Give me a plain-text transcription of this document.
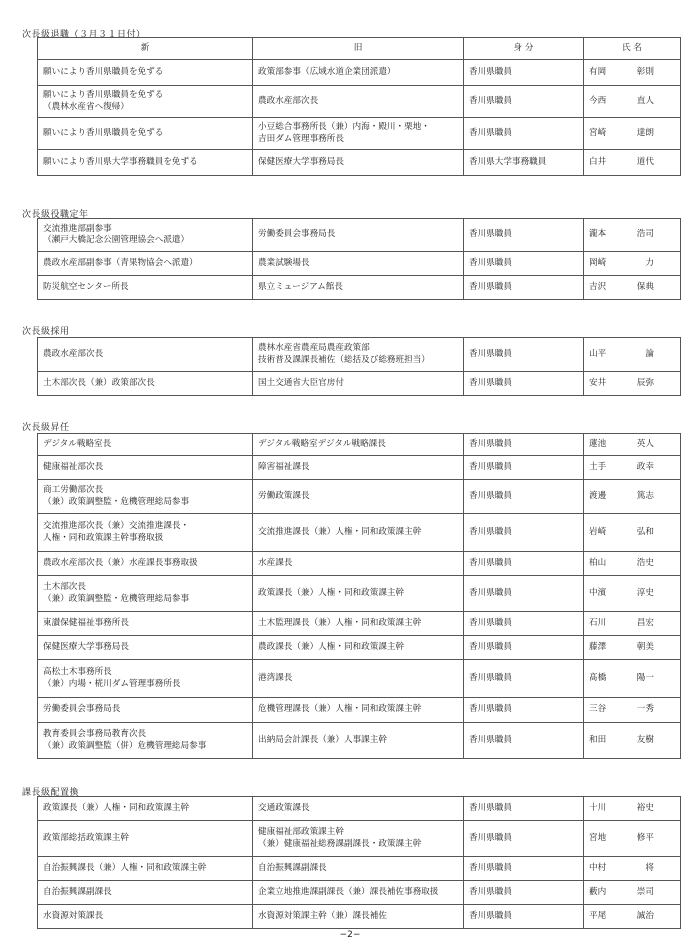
次長級退職（３月３１日付）
新	旧	身 分	氏 名
願いにより香川県職員を免ずる	政策部参事（広域水道企業団派遣）	香川県職員	有岡 彰則

願いにより香川県職員を免ずる
（農林水産省へ復帰）	農政水産部次長	香川県職員	今西 直人

願いにより香川県職員を免ずる	小豆総合事務所長（兼）内海・殿川・栗地・
吉田ダム管理事務所長	香川県職員	宮崎 達朗

願いにより香川県大学事務職員を免ずる	保健医療大学事務局長	香川県大学事務職員	白井 道代
次長級役職定年
交流推進部副参事
（瀬戸大橋記念公園管理協会へ派遣）	労働委員会事務局長	香川県職員	瀧本 浩司

農政水産部副参事（青果物協会へ派遣）	農業試験場長	香川県職員	岡崎 力

防災航空センター所長	県立ミュージアム館長	香川県職員	吉沢 保典
次長級採用
農政水産部次長	農林水産省農産局農産政策部
技術普及課課長補佐（総括及び総務班担当）	香川県職員	山平 論

土木部次長（兼）政策部次長	国土交通省大臣官房付	香川県職員	安井 辰弥
次長級昇任
デジタル戦略室長	デジタル戦略室デジタル戦略課長	香川県職員	蓮池 英人

健康福祉部次長	障害福祉課長	香川県職員	土手 政幸

商工労働部次長
（兼）政策調整監・危機管理総局参事	労働政策課長	香川県職員	渡邊 篤志

交流推進部次長（兼）交流推進課長・
人権・同和政策課主幹事務取扱	交流推進課長（兼）人権・同和政策課主幹	香川県職員	岩崎 弘和

農政水産部次長（兼）水産課長事務取扱	水産課長	香川県職員	柏山 浩史

土木部次長
（兼）政策調整監・危機管理総局参事	政策課長（兼）人権・同和政策課主幹	香川県職員	中濱 淳史

東讃保健福祉事務所長	土木監理課長（兼）人権・同和政策課主幹	香川県職員	石川 昌宏

保健医療大学事務局長	農政課長（兼）人権・同和政策課主幹	香川県職員	藤澤 朝美

高松土木事務所長
（兼）内場・椛川ダム管理事務所長	港湾課長	香川県職員	髙橋 陽一

労働委員会事務局長	危機管理課長（兼）人権・同和政策課主幹	香川県職員	三谷 一秀

教育委員会事務局教育次長
（兼）政策調整監（併）危機管理総局参事	出納局会計課長（兼）人事課主幹	香川県職員	和田 友樹
課長級配置換
政策課長（兼）人権・同和政策課主幹	交通政策課長	香川県職員	十川 裕史

政策部総括政策課主幹	健康福祉部政策課主幹
（兼）健康福祉総務課副課長・政策課主幹	香川県職員	宮地 修平

自治振興課長（兼）人権・同和政策課主幹	自治振興課副課長	香川県職員	中村 将

自治振興課副課長	企業立地推進課副課長（兼）課長補佐事務取扱	香川県職員	藪内 崇司

水資源対策課長	水資源対策課主幹（兼）課長補佐	香川県職員	平尾 誠治
−2−
